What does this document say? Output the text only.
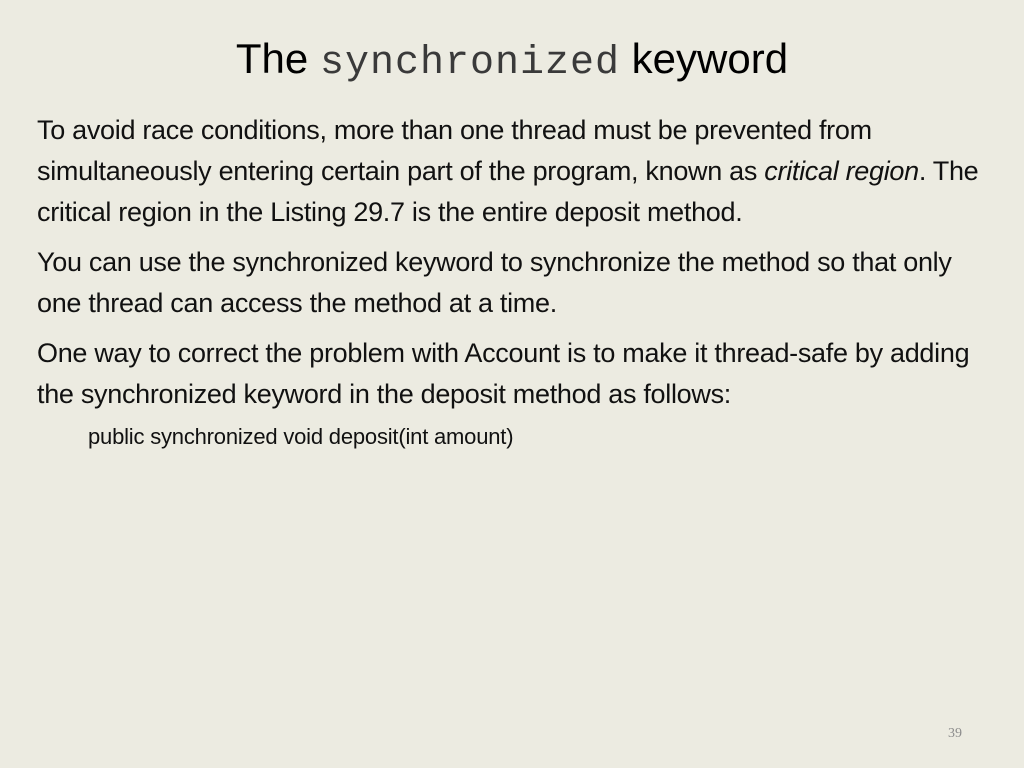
The synchronized keyword

To avoid race conditions, more than one thread must be prevented from simultaneously entering certain part of the program, known as critical region. The critical region in the Listing 29.7 is the entire deposit method.

You can use the synchronized keyword to synchronize the method so that only one thread can access the method at a time.

One way to correct the problem with Account is to make it thread-safe by adding the synchronized keyword in the deposit method as follows:

public synchronized void deposit(int amount)
39
